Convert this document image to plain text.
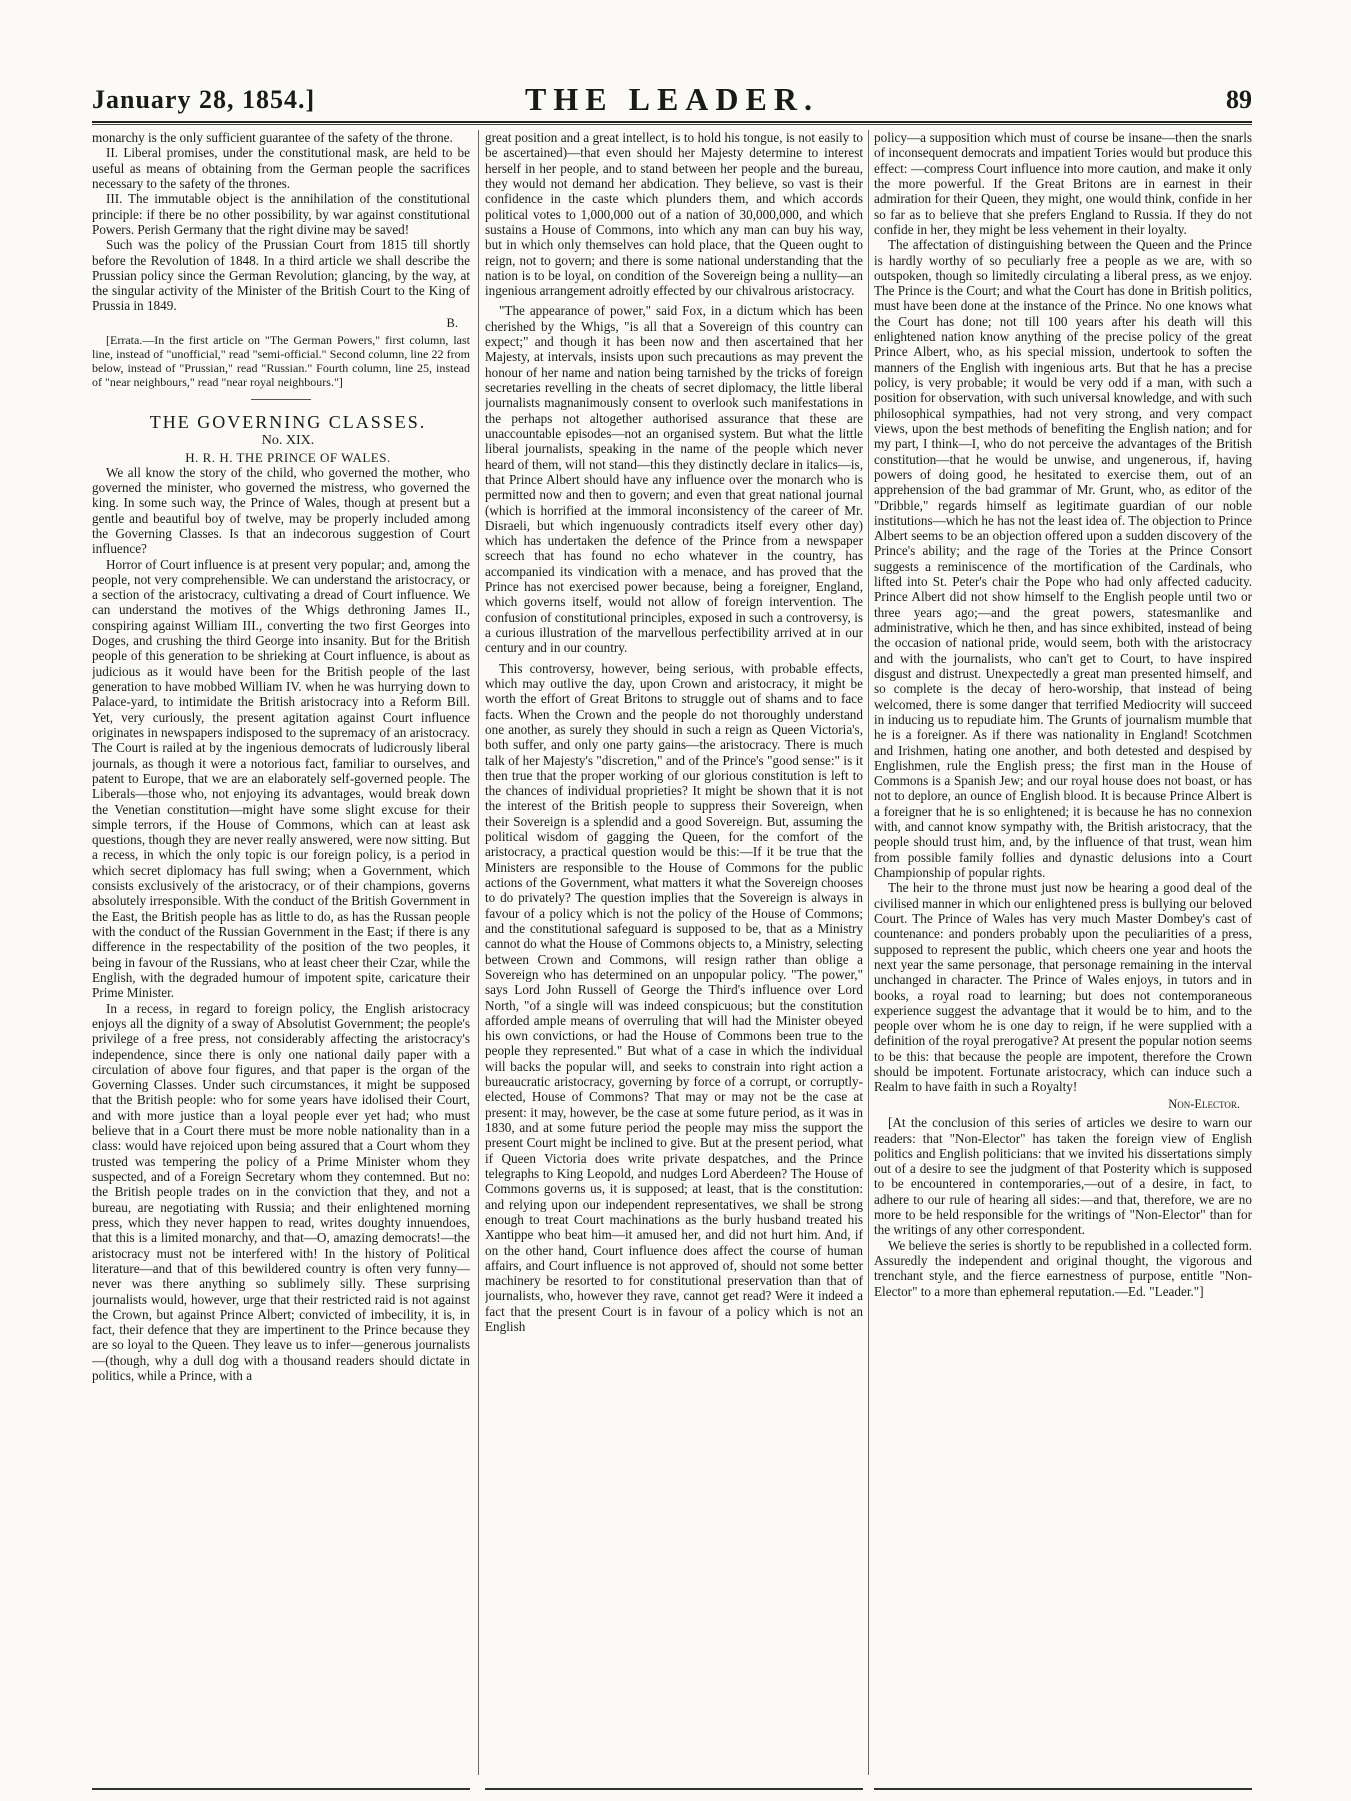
January 28, 1854.]	THE LEADER.	89

monarchy is the only sufficient guarantee of the safety of the throne.

II. Liberal promises, under the constitutional mask, are held to be useful as means of obtaining from the German people the sacrifices necessary to the safety of the thrones.

III. The immutable object is the annihilation of the constitutional principle: if there be no other possibility, by war against constitutional Powers. Perish Germany that the right divine may be saved!

Such was the policy of the Prussian Court from 1815 till shortly before the Revolution of 1848. In a third article we shall describe the Prussian policy since the German Revolution; glancing, by the way, at the singular activity of the Minister of the British Court to the King of Prussia in 1849.

B.

[Errata.—In the first article on "The German Powers," first column, last line, instead of "unofficial," read "semi-official." Second column, line 22 from below, instead of "Prussian," read "Russian." Fourth column, line 25, instead of "near neighbours," read "near royal neighbours."]

THE GOVERNING CLASSES.

No. XIX.

H. R. H. THE PRINCE OF WALES.

We all know the story of the child, who governed the mother, who governed the minister, who governed the mistress, who governed the king. In some such way, the Prince of Wales, though at present but a gentle and beautiful boy of twelve, may be properly included among the Governing Classes. Is that an indecorous suggestion of Court influence?

Horror of Court influence is at present very popular; and, among the people, not very comprehensible. We can understand the aristocracy, or a section of the aristocracy, cultivating a dread of Court influence. We can understand the motives of the Whigs dethroning James II., conspiring against William III., converting the two first Georges into Doges, and crushing the third George into insanity. But for the British people of this generation to be shrieking at Court influence, is about as judicious as it would have been for the British people of the last generation to have mobbed William IV. when he was hurrying down to Palace-yard, to intimidate the British aristocracy into a Reform Bill. Yet, very curiously, the present agitation against Court influence originates in newspapers indisposed to the supremacy of an aristocracy. The Court is railed at by the ingenious democrats of ludicrously liberal journals, as though it were a notorious fact, familiar to ourselves, and patent to Europe, that we are an elaborately self-governed people. The Liberals—those who, not enjoying its advantages, would break down the Venetian constitution—might have some slight excuse for their simple terrors, if the House of Commons, which can at least ask questions, though they are never really answered, were now sitting. But a recess, in which the only topic is our foreign policy, is a period in which secret diplomacy has full swing; when a Government, which consists exclusively of the aristocracy, or of their champions, governs absolutely irresponsible. With the conduct of the British Government in the East, the British people has as little to do, as has the Russan people with the conduct of the Russian Government in the East; if there is any difference in the respectability of the position of the two peoples, it being in favour of the Russians, who at least cheer their Czar, while the English, with the degraded humour of impotent spite, caricature their Prime Minister.

In a recess, in regard to foreign policy, the English aristocracy enjoys all the dignity of a sway of Absolutist Government; the people's privilege of a free press, not considerably affecting the aristocracy's independence, since there is only one national daily paper with a circulation of above four figures, and that paper is the organ of the Governing Classes. Under such circumstances, it might be supposed that the British people: who for some years have idolised their Court, and with more justice than a loyal people ever yet had; who must believe that in a Court there must be more noble nationality than in a class: would have rejoiced upon being assured that a Court whom they trusted was tempering the policy of a Prime Minister whom they suspected, and of a Foreign Secretary whom they contemned. But no: the British people trades on in the conviction that they, and not a bureau, are negotiating with Russia; and their enlightened morning press, which they never happen to read, writes doughty innuendoes, that this is a limited monarchy, and that—O, amazing democrats!—the aristocracy must not be interfered with! In the history of Political literature—and that of this bewildered country is often very funny—never was there anything so sublimely silly. These surprising journalists would, however, urge that their restricted raid is not against the Crown, but against Prince Albert; convicted of imbecility, it is, in fact, their defence that they are impertinent to the Prince because they are so loyal to the Queen. They leave us to infer—generous journalists—(though, why a dull dog with a thousand readers should dictate in politics, while a Prince, with a

great position and a great intellect, is to hold his tongue, is not easily to be ascertained)—that even should her Majesty determine to interest herself in her people, and to stand between her people and the bureau, they would not demand her abdication. They believe, so vast is their confidence in the caste which plunders them, and which accords political votes to 1,000,000 out of a nation of 30,000,000, and which sustains a House of Commons, into which any man can buy his way, but in which only themselves can hold place, that the Queen ought to reign, not to govern; and there is some national understanding that the nation is to be loyal, on condition of the Sovereign being a nullity—an ingenious arrangement adroitly effected by our chivalrous aristocracy.

"The appearance of power," said Fox, in a dictum which has been cherished by the Whigs, "is all that a Sovereign of this country can expect;" and though it has been now and then ascertained that her Majesty, at intervals, insists upon such precautions as may prevent the honour of her name and nation being tarnished by the tricks of foreign secretaries revelling in the cheats of secret diplomacy, the little liberal journalists magnanimously consent to overlook such manifestations in the perhaps not altogether authorised assurance that these are unaccountable episodes—not an organised system. But what the little liberal journalists, speaking in the name of the people which never heard of them, will not stand—this they distinctly declare in italics—is, that Prince Albert should have any influence over the monarch who is permitted now and then to govern; and even that great national journal (which is horrified at the immoral inconsistency of the career of Mr. Disraeli, but which ingenuously contradicts itself every other day) which has undertaken the defence of the Prince from a newspaper screech that has found no echo whatever in the country, has accompanied its vindication with a menace, and has proved that the Prince has not exercised power because, being a foreigner, England, which governs itself, would not allow of foreign intervention. The confusion of constitutional principles, exposed in such a controversy, is a curious illustration of the marvellous perfectibility arrived at in our century and in our country.

This controversy, however, being serious, with probable effects, which may outlive the day, upon Crown and aristocracy, it might be worth the effort of Great Britons to struggle out of shams and to face facts. When the Crown and the people do not thoroughly understand one another, as surely they should in such a reign as Queen Victoria's, both suffer, and only one party gains—the aristocracy. There is much talk of her Majesty's "discretion," and of the Prince's "good sense:" is it then true that the proper working of our glorious constitution is left to the chances of individual proprieties? It might be shown that it is not the interest of the British people to suppress their Sovereign, when their Sovereign is a splendid and a good Sovereign. But, assuming the political wisdom of gagging the Queen, for the comfort of the aristocracy, a practical question would be this:—If it be true that the Ministers are responsible to the House of Commons for the public actions of the Government, what matters it what the Sovereign chooses to do privately? The question implies that the Sovereign is always in favour of a policy which is not the policy of the House of Commons; and the constitutional safeguard is supposed to be, that as a Ministry cannot do what the House of Commons objects to, a Ministry, selecting between Crown and Commons, will resign rather than oblige a Sovereign who has determined on an unpopular policy. "The power," says Lord John Russell of George the Third's influence over Lord North, "of a single will was indeed conspicuous; but the constitution afforded ample means of overruling that will had the Minister obeyed his own convictions, or had the House of Commons been true to the people they represented." But what of a case in which the individual will backs the popular will, and seeks to constrain into right action a bureaucratic aristocracy, governing by force of a corrupt, or corruptly-elected, House of Commons? That may or may not be the case at present: it may, however, be the case at some future period, as it was in 1830, and at some future period the people may miss the support the present Court might be inclined to give. But at the present period, what if Queen Victoria does write private despatches, and the Prince telegraphs to King Leopold, and nudges Lord Aberdeen? The House of Commons governs us, it is supposed; at least, that is the constitution: and relying upon our independent representatives, we shall be strong enough to treat Court machinations as the burly husband treated his Xantippe who beat him—it amused her, and did not hurt him. And, if on the other hand, Court influence does affect the course of human affairs, and Court influence is not approved of, should not some better machinery be resorted to for constitutional preservation than that of journalists, who, however they rave, cannot get read? Were it indeed a fact that the present Court is in favour of a policy which is not an English

policy—a supposition which must of course be insane—then the snarls of inconsequent democrats and impatient Tories would but produce this effect: —compress Court influence into more caution, and make it only the more powerful. If the Great Britons are in earnest in their admiration for their Queen, they might, one would think, confide in her so far as to believe that she prefers England to Russia. If they do not confide in her, they might be less vehement in their loyalty.

The affectation of distinguishing between the Queen and the Prince is hardly worthy of so peculiarly free a people as we are, with so outspoken, though so limitedly circulating a liberal press, as we enjoy. The Prince is the Court; and what the Court has done in British politics, must have been done at the instance of the Prince. No one knows what the Court has done; not till 100 years after his death will this enlightened nation know anything of the precise policy of the great Prince Albert, who, as his special mission, undertook to soften the manners of the English with ingenious arts. But that he has a precise policy, is very probable; it would be very odd if a man, with such a position for observation, with such universal knowledge, and with such philosophical sympathies, had not very strong, and very compact views, upon the best methods of benefiting the English nation; and for my part, I think—I, who do not perceive the advantages of the British constitution—that he would be unwise, and ungenerous, if, having powers of doing good, he hesitated to exercise them, out of an apprehension of the bad grammar of Mr. Grunt, who, as editor of the "Dribble," regards himself as legitimate guardian of our noble institutions—which he has not the least idea of. The objection to Prince Albert seems to be an objection offered upon a sudden discovery of the Prince's ability; and the rage of the Tories at the Prince Consort suggests a reminiscence of the mortification of the Cardinals, who lifted into St. Peter's chair the Pope who had only affected caducity. Prince Albert did not show himself to the English people until two or three years ago;—and the great powers, statesmanlike and administrative, which he then, and has since exhibited, instead of being the occasion of national pride, would seem, both with the aristocracy and with the journalists, who can't get to Court, to have inspired disgust and distrust. Unexpectedly a great man presented himself, and so complete is the decay of hero-worship, that instead of being welcomed, there is some danger that terrified Mediocrity will succeed in inducing us to repudiate him. The Grunts of journalism mumble that he is a foreigner. As if there was nationality in England! Scotchmen and Irishmen, hating one another, and both detested and despised by Englishmen, rule the English press; the first man in the House of Commons is a Spanish Jew; and our royal house does not boast, or has not to deplore, an ounce of English blood. It is because Prince Albert is a foreigner that he is so enlightened; it is because he has no connexion with, and cannot know sympathy with, the British aristocracy, that the people should trust him, and, by the influence of that trust, wean him from possible family follies and dynastic delusions into a Court Championship of popular rights.

The heir to the throne must just now be hearing a good deal of the civilised manner in which our enlightened press is bullying our beloved Court. The Prince of Wales has very much Master Dombey's cast of countenance: and ponders probably upon the peculiarities of a press, supposed to represent the public, which cheers one year and hoots the next year the same personage, that personage remaining in the interval unchanged in character. The Prince of Wales enjoys, in tutors and in books, a royal road to learning; but does not contemporaneous experience suggest the advantage that it would be to him, and to the people over whom he is one day to reign, if he were supplied with a definition of the royal prerogative? At present the popular notion seems to be this: that because the people are impotent, therefore the Crown should be impotent. Fortunate aristocracy, which can induce such a Realm to have faith in such a Royalty!

Non-Elector.

[At the conclusion of this series of articles we desire to warn our readers: that "Non-Elector" has taken the foreign view of English politics and English politicians: that we invited his dissertations simply out of a desire to see the judgment of that Posterity which is supposed to be encountered in contemporaries,—out of a desire, in fact, to adhere to our rule of hearing all sides:—and that, therefore, we are no more to be held responsible for the writings of "Non-Elector" than for the writings of any other correspondent.

We believe the series is shortly to be republished in a collected form. Assuredly the independent and original thought, the vigorous and trenchant style, and the fierce earnestness of purpose, entitle "Non-Elector" to a more than ephemeral reputation.—Ed. "Leader."]
